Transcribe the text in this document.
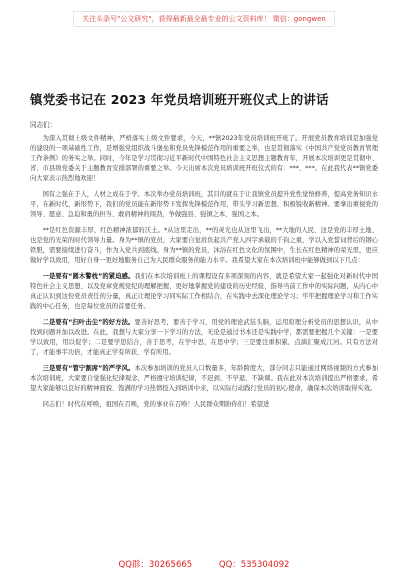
关注头条号"公文研究"，获得最新最全最专业的公文资料库！ 微信：gongwen
镇党委书记在 2023 年党员培训班开班仪式上的讲话
同志们：
为深入贯彻上级文件精神，严格落实上级文件要求，今天，**镇2023年党员培训班开班了。开展党员教育培训是加强党的建设的一项基础性工作，是增强党组织战斗堡垒和党员先锋模范作用的重要之举，也是贯彻落实《中国共产党党员教育管理工作条例》的务实之举。同时，今年是学习贯彻习近平新时代中国特色社会主义思想主题教育年，开展本次培训更是贯彻中、省、市县级党委关于主题教育安排部署的重要之举。今天出席本次党员培训班开班仪式的有：***、***。在此我代表**镇党委向大家表示热烈地欢迎！
国有之强在于人，人材之成在于学。本次举办党员培训班，其目的就在于让我镇党员提升党性觉悟修养，提高党务知识水平，在新时代、新形势下，我们的党员能在新形势下发挥先锋模范作用，带头学习新思想、积极锐收新精神。要拿出重视党的领导、愿意、急迫和勇的担当、敢肩精神的闯劲，争做强县、强镇之本、强国之本。
**是红色资源丰厚、红色精神浓郁的沃土。*从这里走出，**的灵光也从这里飞出，**大地的人民、这是党的丰厚土地、也是党的光荣的时代领导力量。身为**镇的党员，大家要自觉肩负起共产党人四字承载的千钧之重，学以入党誓词背后的钢心铁胆，需要接续进行奋斗，作为入党兵到底线。身为**镇的党员，沐浴在红色文化的氛围中，生长在红色精神的荣光里，更应做好学以致用，用好自身一更好地服务自己为人民群众服务的能力水平。我希望大家在本次培训班中能够做到以下几点：
一是要有“圆木警枕”的紧迫感。我们在本次培训班上的课程设有多项深刻的内容，就是希望大家一起强化对新时代中国特色社会主义思想、以及党章党规党纪的理解把握，更好地掌握党的建设的历史经验、指导当前工作中的实际问题，从内心中真正认识到这份党员责任的分量，真正让理论学习同实际工作相结合，在实践中去深化理论学习；牢牢把握理论学习和工作实践的中心任务，也是每位党员的首要任务。
二是要有“扫叶击尘”的好方法。要善好思考，要善于学习，用党的理论武装头脑，运用原理分析党员的思想认识，从中找到问题并加以改进。在此，我想与大家分享一下学习的方法，无论是通过书本还是实践中学，都需要把握几个关键：一是要学以致用，用以促学；二是要学思结合，善于思考，在学中思，在思中学；三是要注重积累，点滴汇聚成江河。只有方法对了，才能事半功倍，才能真正学有所获、学有所用。
三是要有“管宁割席”的严学风。本次参加培训的党员人口数量多，年龄跨度大，部分同志只能通过网络视频的方式参加本次培训班，大家要自觉强化纪律观念，严格遵守培训纪律，不迟到、不早退、不缺课。我在此对本次培训提出严格要求，希望大家能够以良好的精神面貌、饱满的学习热情投入到培训中来，以实际行动践行党员的初心使命，确保本次培训取得实效。
同志们！时代在呼唤，祖国在召唤，党的事业在召唤！人民群众期盼你们！希望进
QQ群：30265665	QQ：535304092
